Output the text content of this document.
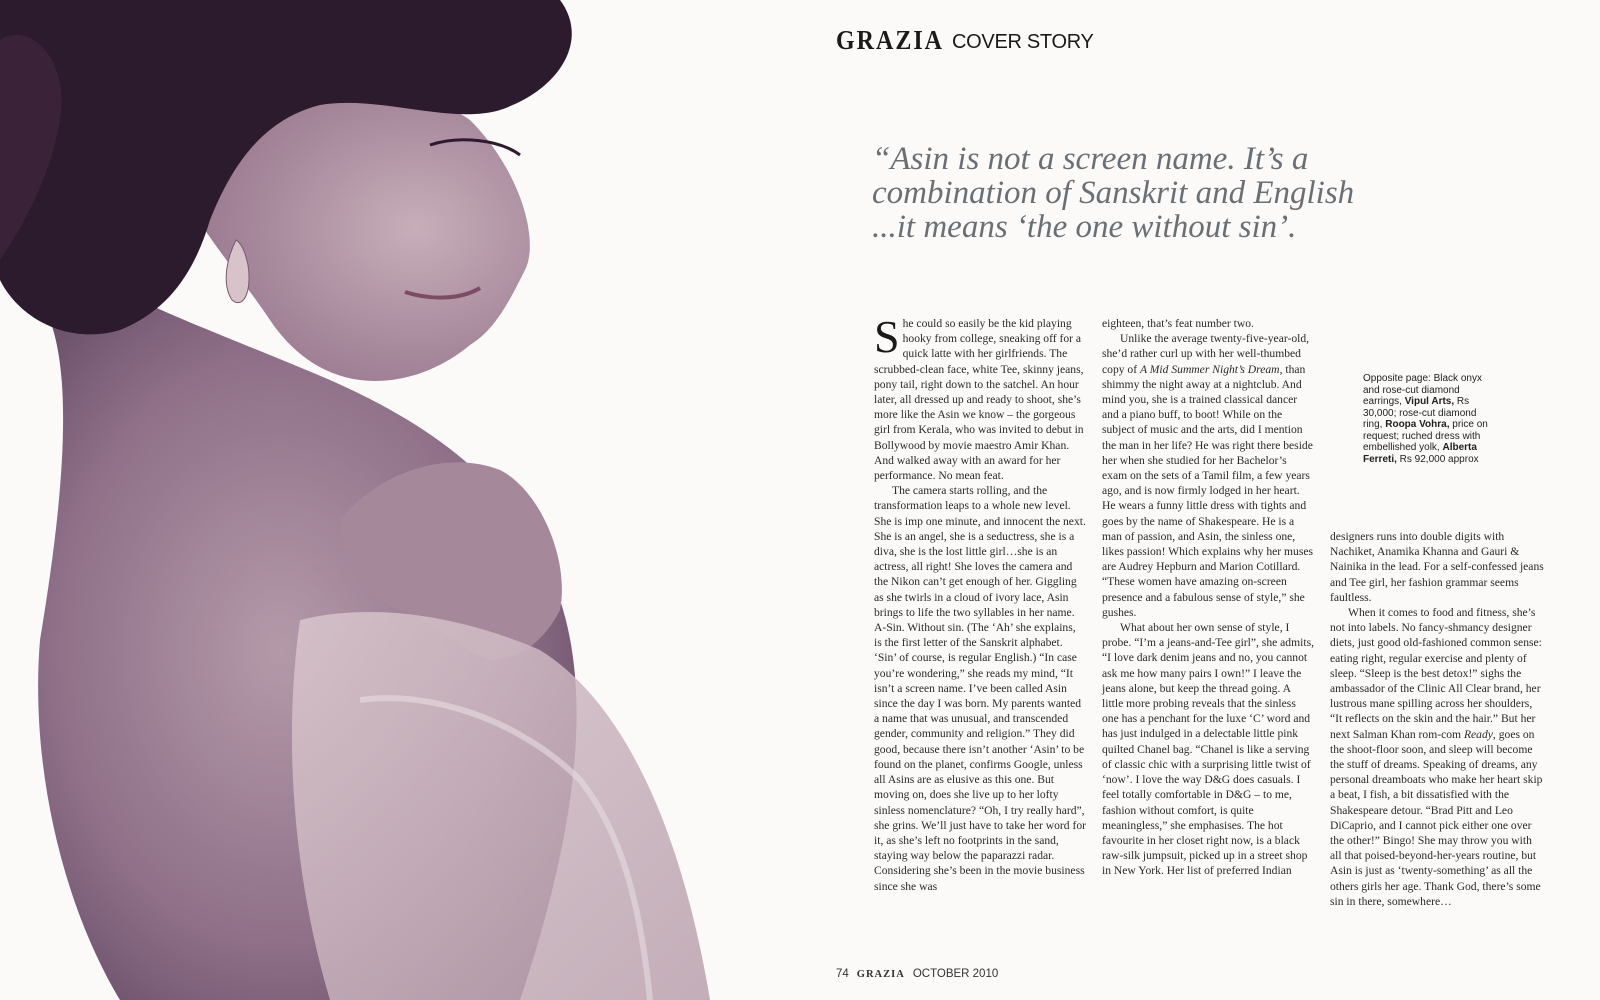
GRAZIA COVER STORY

“Asin is not a screen name. It’s a combination of Sanskrit and English ...it means ‘the one without sin’.

She could so easily be the kid playing hooky from college, sneaking off for a quick latte with her girlfriends. The scrubbed-clean face, white Tee, skinny jeans, pony tail, right down to the satchel. An hour later, all dressed up and ready to shoot, she’s more like the Asin we know – the gorgeous girl from Kerala, who was invited to debut in Bollywood by movie maestro Amir Khan. And walked away with an award for her performance. No mean feat.

The camera starts rolling, and the transformation leaps to a whole new level. She is imp one minute, and innocent the next. She is an angel, she is a seductress, she is a diva, she is the lost little girl…she is an actress, all right! She loves the camera and the Nikon can’t get enough of her. Giggling as she twirls in a cloud of ivory lace, Asin brings to life the two syllables in her name. A-Sin. Without sin. (The ‘Ah’ she explains, is the first letter of the Sanskrit alphabet. ‘Sin’ of course, is regular English.) “In case you’re wondering,” she reads my mind, “It isn’t a screen name. I’ve been called Asin since the day I was born. My parents wanted a name that was unusual, and transcended gender, community and religion.” They did good, because there isn’t another ‘Asin’ to be found on the planet, confirms Google, unless all Asins are as elusive as this one. But moving on, does she live up to her lofty sinless nomenclature? “Oh, I try really hard”, she grins. We’ll just have to take her word for it, as she’s left no footprints in the sand, staying way below the paparazzi radar. Considering she’s been in the movie business since she was

eighteen, that’s feat number two.

Unlike the average twenty-five-year-old, she’d rather curl up with her well-thumbed copy of A Mid Summer Night’s Dream, than shimmy the night away at a nightclub. And mind you, she is a trained classical dancer and a piano buff, to boot! While on the subject of music and the arts, did I mention the man in her life? He was right there beside her when she studied for her Bachelor’s exam on the sets of a Tamil film, a few years ago, and is now firmly lodged in her heart. He wears a funny little dress with tights and goes by the name of Shakespeare. He is a man of passion, and Asin, the sinless one, likes passion! Which explains why her muses are Audrey Hepburn and Marion Cotillard. “These women have amazing on-screen presence and a fabulous sense of style,” she gushes.

What about her own sense of style, I probe. “I’m a jeans-and-Tee girl”, she admits, “I love dark denim jeans and no, you cannot ask me how many pairs I own!” I leave the jeans alone, but keep the thread going. A little more probing reveals that the sinless one has a penchant for the luxe ‘C’ word and has just indulged in a delectable little pink quilted Chanel bag. “Chanel is like a serving of classic chic with a surprising little twist of ‘now’. I love the way D&G does casuals. I feel totally comfortable in D&G – to me, fashion without comfort, is quite meaningless,” she emphasises. The hot favourite in her closet right now, is a black raw-silk jumpsuit, picked up in a street shop in New York. Her list of preferred Indian

Opposite page: Black onyx and rose-cut diamond earrings, Vipul Arts, Rs 30,000; rose-cut diamond ring, Roopa Vohra, price on request; ruched dress with embellished yolk, Alberta Ferreti, Rs 92,000 approx

designers runs into double digits with Nachiket, Anamika Khanna and Gauri & Nainika in the lead. For a self-confessed jeans and Tee girl, her fashion grammar seems faultless.

When it comes to food and fitness, she’s not into labels. No fancy-shmancy designer diets, just good old-fashioned common sense: eating right, regular exercise and plenty of sleep. “Sleep is the best detox!” sighs the ambassador of the Clinic All Clear brand, her lustrous mane spilling across her shoulders, “It reflects on the skin and the hair.” But her next Salman Khan rom-com Ready, goes on the shoot-floor soon, and sleep will become the stuff of dreams. Speaking of dreams, any personal dreamboats who make her heart skip a beat, I fish, a bit dissatisfied with the Shakespeare detour. “Brad Pitt and Leo DiCaprio, and I cannot pick either one over the other!” Bingo! She may throw you with all that poised-beyond-her-years routine, but Asin is just as ‘twenty-something’ as all the others girls her age. Thank God, there’s some sin in there, somewhere…

74 GRAZIA OCTOBER 2010
